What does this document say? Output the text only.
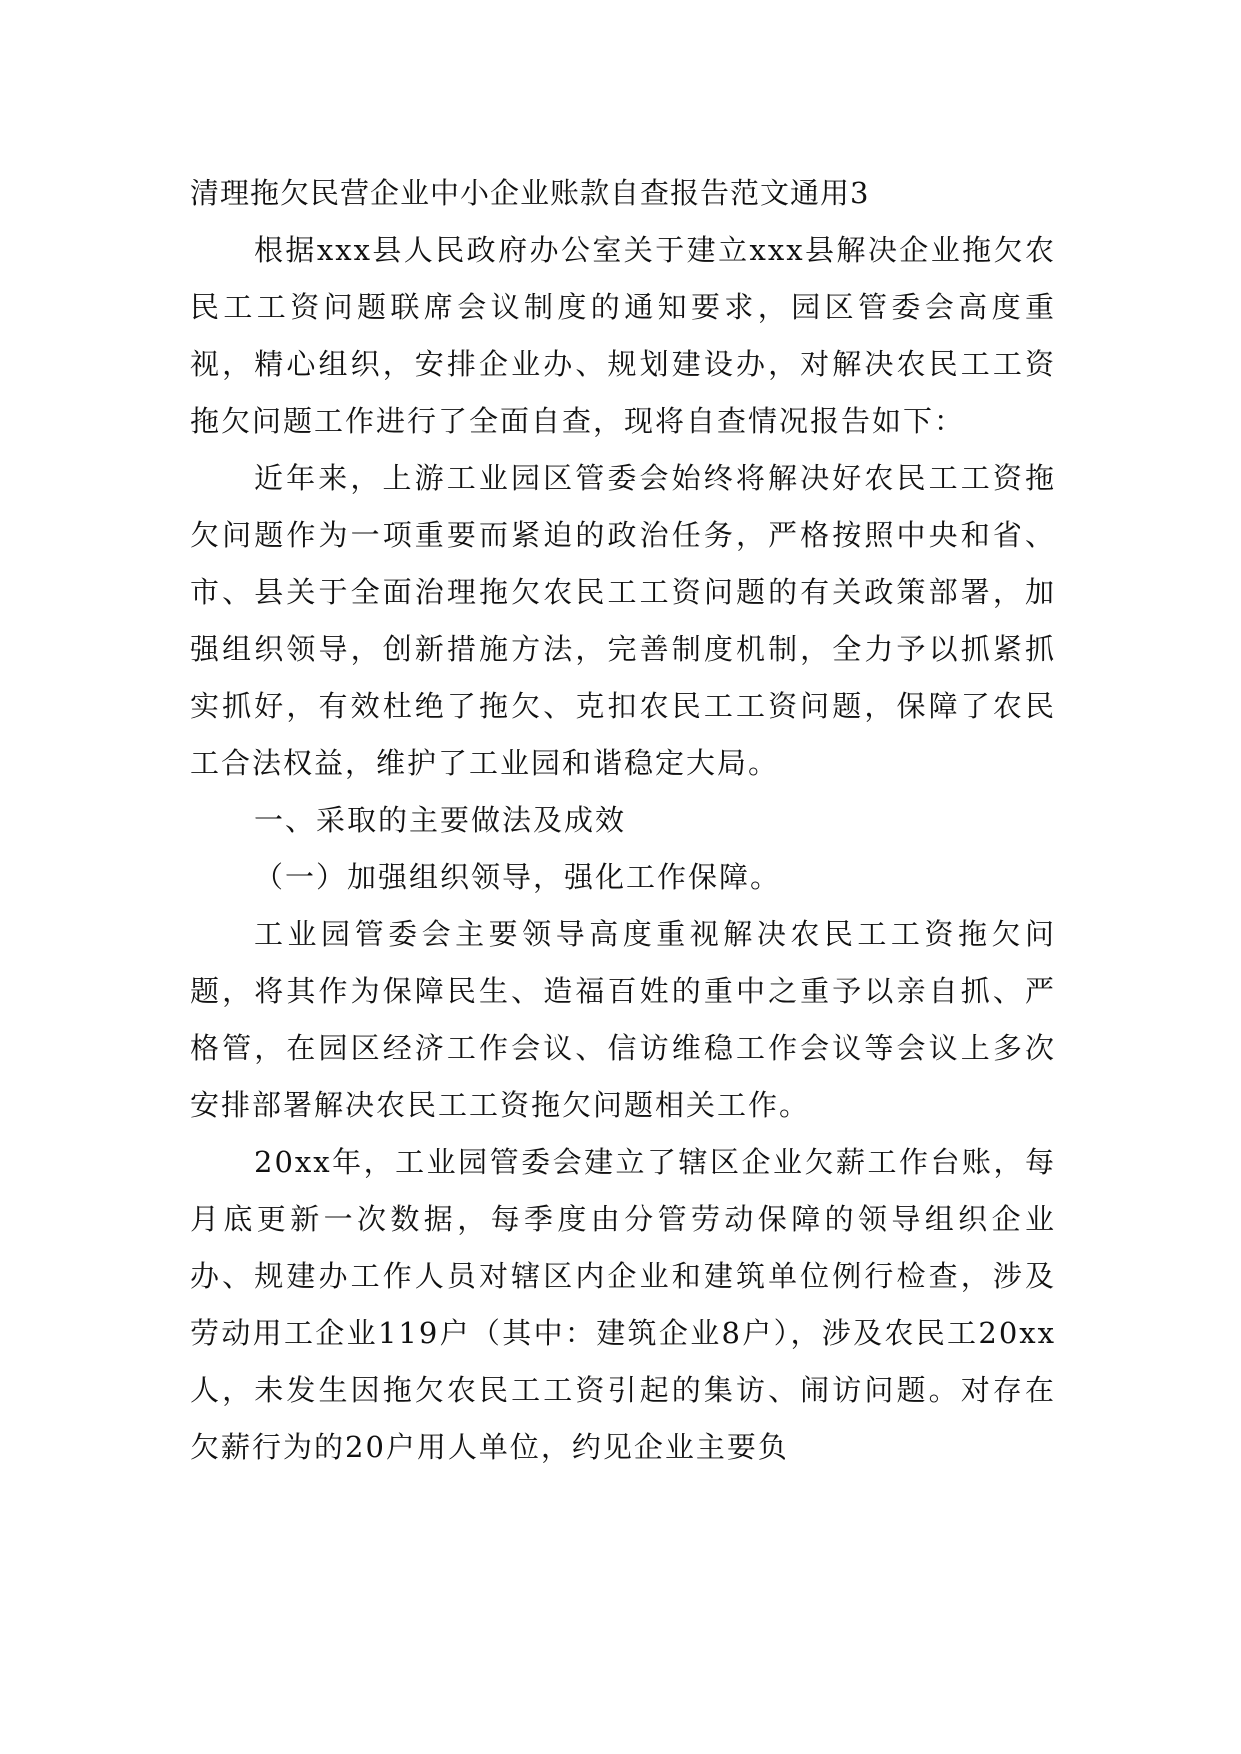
清理拖欠民营企业中小企业账款自查报告范文通用3

根据xxx县人民政府办公室关于建立xxx县解决企业拖欠农民工工资问题联席会议制度的通知要求，园区管委会高度重视，精心组织，安排企业办、规划建设办，对解决农民工工资拖欠问题工作进行了全面自查，现将自查情况报告如下：

近年来，上游工业园区管委会始终将解决好农民工工资拖欠问题作为一项重要而紧迫的政治任务，严格按照中央和省、市、县关于全面治理拖欠农民工工资问题的有关政策部署，加强组织领导，创新措施方法，完善制度机制，全力予以抓紧抓实抓好，有效杜绝了拖欠、克扣农民工工资问题，保障了农民工合法权益，维护了工业园和谐稳定大局。

一、采取的主要做法及成效

（一）加强组织领导，强化工作保障。

工业园管委会主要领导高度重视解决农民工工资拖欠问题，将其作为保障民生、造福百姓的重中之重予以亲自抓、严格管，在园区经济工作会议、信访维稳工作会议等会议上多次安排部署解决农民工工资拖欠问题相关工作。

20xx年，工业园管委会建立了辖区企业欠薪工作台账，每月底更新一次数据，每季度由分管劳动保障的领导组织企业办、规建办工作人员对辖区内企业和建筑单位例行检查，涉及劳动用工企业119户（其中：建筑企业8户），涉及农民工20xx人，未发生因拖欠农民工工资引起的集访、闹访问题。对存在欠薪行为的20户用人单位，约见企业主要负
